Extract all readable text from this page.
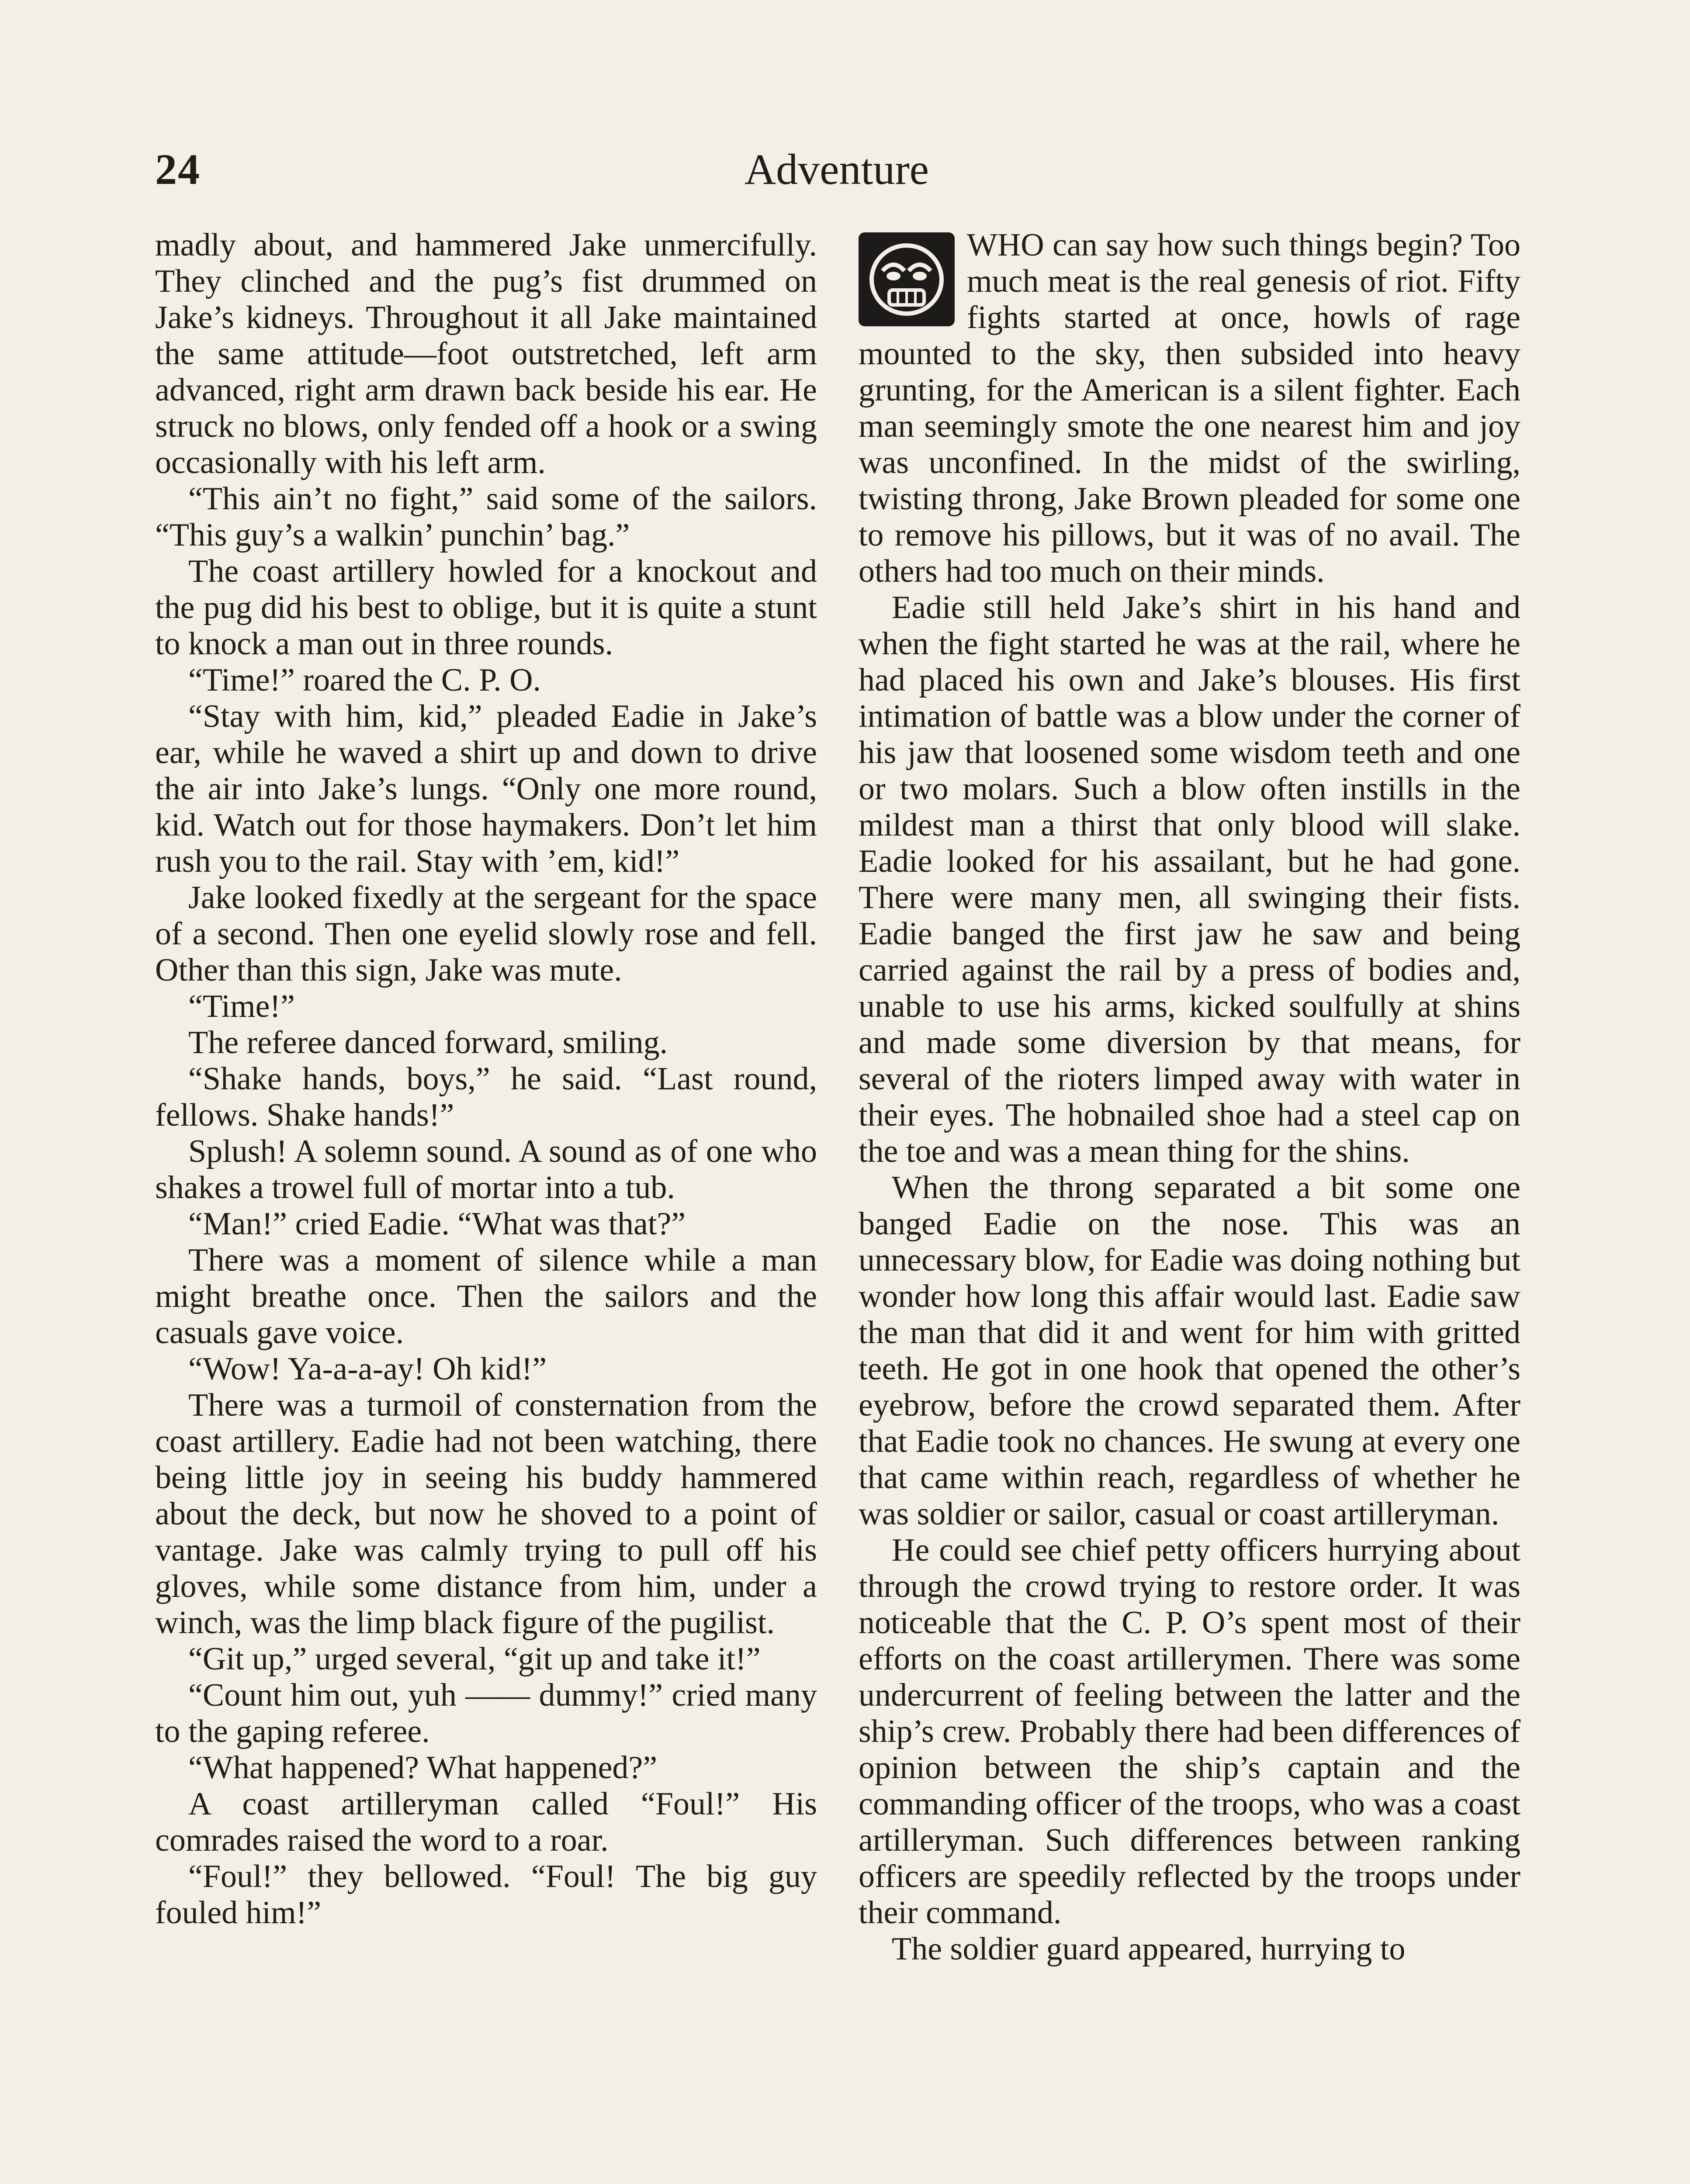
24	Adventure

madly about, and hammered Jake unmercifully. They clinched and the pug’s fist drummed on Jake’s kidneys. Throughout it all Jake maintained the same attitude—foot outstretched, left arm advanced, right arm drawn back beside his ear. He struck no blows, only fended off a hook or a swing occasionally with his left arm.

“This ain’t no fight,” said some of the sailors. “This guy’s a walkin’ punchin’ bag.”

The coast artillery howled for a knockout and the pug did his best to oblige, but it is quite a stunt to knock a man out in three rounds.

“Time!” roared the C. P. O.

“Stay with him, kid,” pleaded Eadie in Jake’s ear, while he waved a shirt up and down to drive the air into Jake’s lungs. “Only one more round, kid. Watch out for those haymakers. Don’t let him rush you to the rail. Stay with ’em, kid!”

Jake looked fixedly at the sergeant for the space of a second. Then one eyelid slowly rose and fell. Other than this sign, Jake was mute.

“Time!”

The referee danced forward, smiling.

“Shake hands, boys,” he said. “Last round, fellows. Shake hands!”

Splush! A solemn sound. A sound as of one who shakes a trowel full of mortar into a tub.

“Man!” cried Eadie. “What was that?”

There was a moment of silence while a man might breathe once. Then the sailors and the casuals gave voice.

“Wow! Ya-a-a-ay! Oh kid!”

There was a turmoil of consternation from the coast artillery. Eadie had not been watching, there being little joy in seeing his buddy hammered about the deck, but now he shoved to a point of vantage. Jake was calmly trying to pull off his gloves, while some distance from him, under a winch, was the limp black figure of the pugilist.

“Git up,” urged several, “git up and take it!”

“Count him out, yuh —— dummy!” cried many to the gaping referee.

“What happened? What happened?”

A coast artilleryman called “Foul!” His comrades raised the word to a roar.

“Foul!” they bellowed. “Foul! The big guy fouled him!”

WHO can say how such things begin? Too much meat is the real genesis of riot. Fifty fights started at once, howls of rage mounted to the sky, then subsided into heavy grunting, for the American is a silent fighter. Each man seemingly smote the one nearest him and joy was unconfined. In the midst of the swirling, twisting throng, Jake Brown pleaded for some one to remove his pillows, but it was of no avail. The others had too much on their minds.

Eadie still held Jake’s shirt in his hand and when the fight started he was at the rail, where he had placed his own and Jake’s blouses. His first intimation of battle was a blow under the corner of his jaw that loosened some wisdom teeth and one or two molars. Such a blow often instills in the mildest man a thirst that only blood will slake. Eadie looked for his assailant, but he had gone. There were many men, all swinging their fists. Eadie banged the first jaw he saw and being carried against the rail by a press of bodies and, unable to use his arms, kicked soulfully at shins and made some diversion by that means, for several of the rioters limped away with water in their eyes. The hobnailed shoe had a steel cap on the toe and was a mean thing for the shins.

When the throng separated a bit some one banged Eadie on the nose. This was an unnecessary blow, for Eadie was doing nothing but wonder how long this affair would last. Eadie saw the man that did it and went for him with gritted teeth. He got in one hook that opened the other’s eyebrow, before the crowd separated them. After that Eadie took no chances. He swung at every one that came within reach, regardless of whether he was soldier or sailor, casual or coast artilleryman.

He could see chief petty officers hurrying about through the crowd trying to restore order. It was noticeable that the C. P. O’s spent most of their efforts on the coast artillerymen. There was some undercurrent of feeling between the latter and the ship’s crew. Probably there had been differences of opinion between the ship’s captain and the commanding officer of the troops, who was a coast artilleryman. Such differences between ranking officers are speedily reflected by the troops under their command.

The soldier guard appeared, hurrying to
